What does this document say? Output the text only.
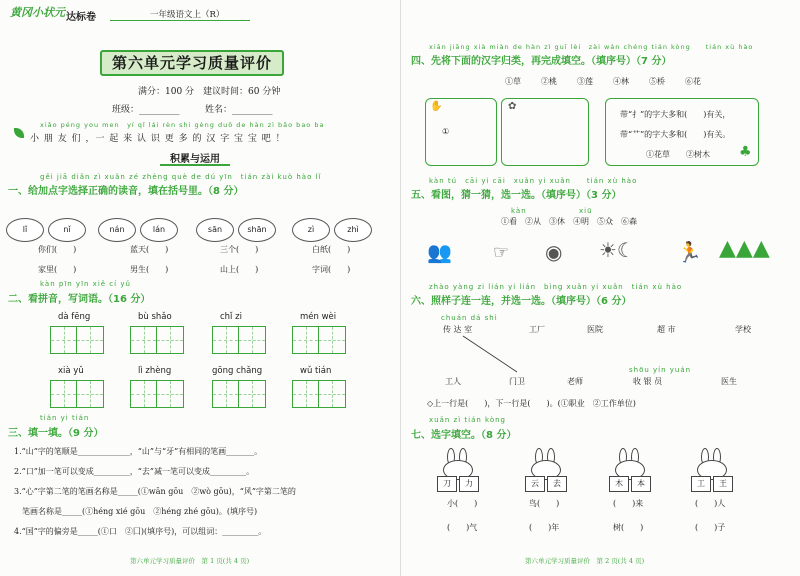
黄冈小状元 达标卷	一年级语文上（R）
第六单元学习质量评价
满分：100 分　建议时间：60 分钟
班级：_________	姓名：_________
xiǎo péng you men　yí qǐ lái rèn shi gèng duō de hàn zì bǎo bao ba
小 朋 友 们 ，一 起 来 认 识 更 多 的 汉 字 宝 宝 吧 ！
积累与运用
gěi jiā diǎn zì xuǎn zé zhèng què de dú yīn　tián zài kuò hào lǐ
一、给加点字选择正确的读音，填在括号里。（8 分）
lǐ	nǐ	nán	lán	sān	shān	zì	zhì
你们(　　)	蓝天(　　)	三个(　　)	白纸(　　)
家里(　　)	男生(　　)	山上(　　)	字词(　　)
kàn pīn yīn xiě cí yǔ
二、看拼音，写词语。（16 分）
dà fēng	bù shǎo	chǐ zi	mén wèi
xià yǔ	lì zhèng	gōng chǎng	wǔ tián
tián yi tián
三、填一填。（9 分）
1.“山”字的笔顺是_____________，“山”与“牙”有相同的笔画_______。
2.“口”加一笔可以变成_________，“去”减一笔可以变成_________。
3.“心”字第二笔的笔画名称是_____(①wān gōu　②wò gōu)，“风”字第二笔的
　笔画名称是_____(①héng xié gōu　②héng zhé gōu)。(填序号)
4.“国”字的偏旁是_____(①口　②囗)(填序号)，可以组词：_________。
第六单元学习质量评价　第 1 页(共 4 页)
xiān jiāng xià miàn de hàn zì guī lèi　zài wán chéng tián kòng　　tián xù hào
四、先将下面的汉字归类，再完成填空。（填序号）（7 分）
①草	②桃	③莲	④林	⑤桥	⑥花
①
✋	✿
带“扌”的字大多和(　　)有关，
带“艹”的字大多和(　　)有关。
①花草　　②树木 ♣
kàn tú　cāi yi cāi　xuǎn yi xuǎn　　tián xù hào
五、看图，猜一猜，选一选。（填序号）（3 分）
kàn	xiū
①看　②从　③休　④明　⑤众　⑥森
👥 ☞ ◉ ☀☾ 🏃 ▲▲▲
zhào yàng zi lián yi lián　bìng xuǎn yi xuǎn　tián xù hào
六、照样子连一连，并选一选。（填序号）（6 分）
chuán dá shì
传 达 室	工厂	医院	超 市	学校
shōu yín yuán
工人	门卫	老师	收 银 员	医生
◇上一行是(　　)，下一行是(　　)。(①职业　②工作单位)
xuǎn zì tián kòng
七、选字填空。（8 分）
刀	力	云	去	木	本	工	王
小(　　)	鸟(　　)	(　　)来	(　　)人
(　　)气	(　　)年	树(　　)	(　　)子
第六单元学习质量评价　第 2 页(共 4 页)
